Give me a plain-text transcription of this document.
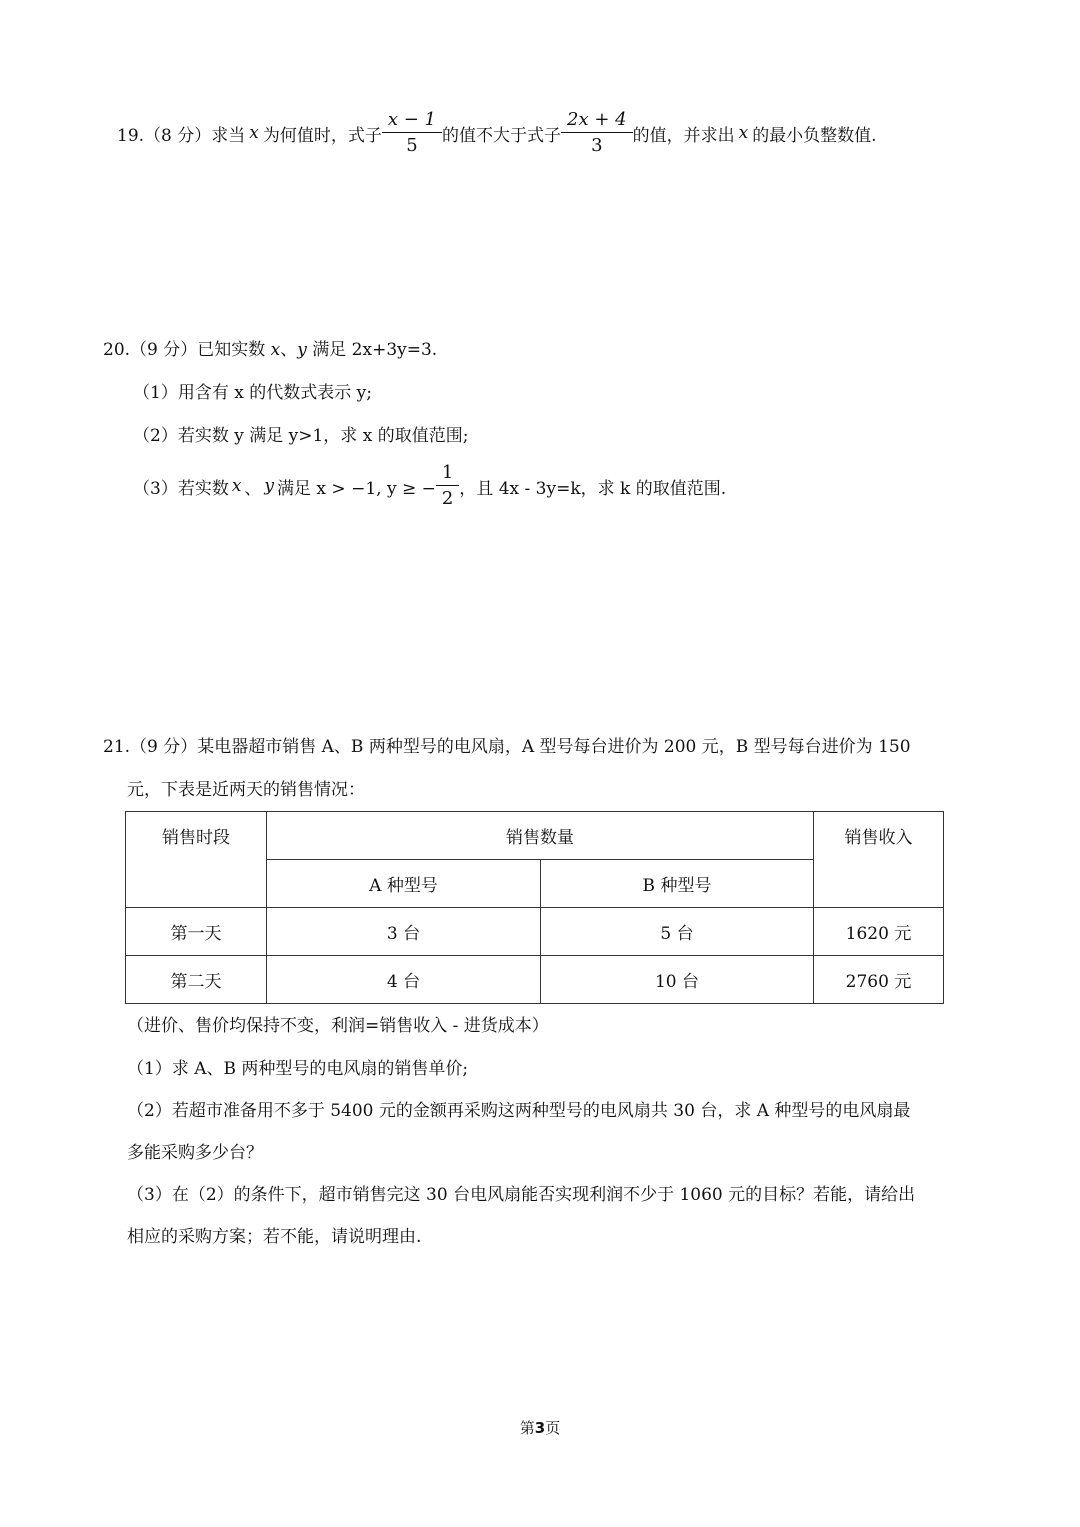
19.（8 分）求当 x 为何值时，式子 $\frac{x - 1}{5}$ 的值不大于式子 $\frac{2x + 4}{3}$ 的值，并求出 x 的最小负整数值.
20.（9 分）已知实数 x、y 满足 2x+3y=3.
（1）用含有 x 的代数式表示 y;
（2）若实数 y 满足 y>1，求 x 的取值范围;
（3）若实数 x 、 y 满足 x > −1, y ≥ − $\frac{1}{2}$ ，且 4x - 3y=k，求 k 的取值范围.
21.（9 分）某电器超市销售 A、B 两种型号的电风扇，A 型号每台进价为 200 元，B 型号每台进价为 150
元，下表是近两天的销售情况：
销售时段	销售数量		销售收入
	A 种型号	B 种型号	
第一天	3 台	5 台	1620 元
第二天	4 台	10 台	2760 元
（进价、售价均保持不变，利润=销售收入 - 进货成本）
（1）求 A、B 两种型号的电风扇的销售单价;
（2）若超市准备用不多于 5400 元的金额再采购这两种型号的电风扇共 30 台，求 A 种型号的电风扇最
多能采购多少台？
（3）在（2）的条件下，超市销售完这 30 台电风扇能否实现利润不少于 1060 元的目标？若能，请给出
相应的采购方案；若不能，请说明理由.
第3页
